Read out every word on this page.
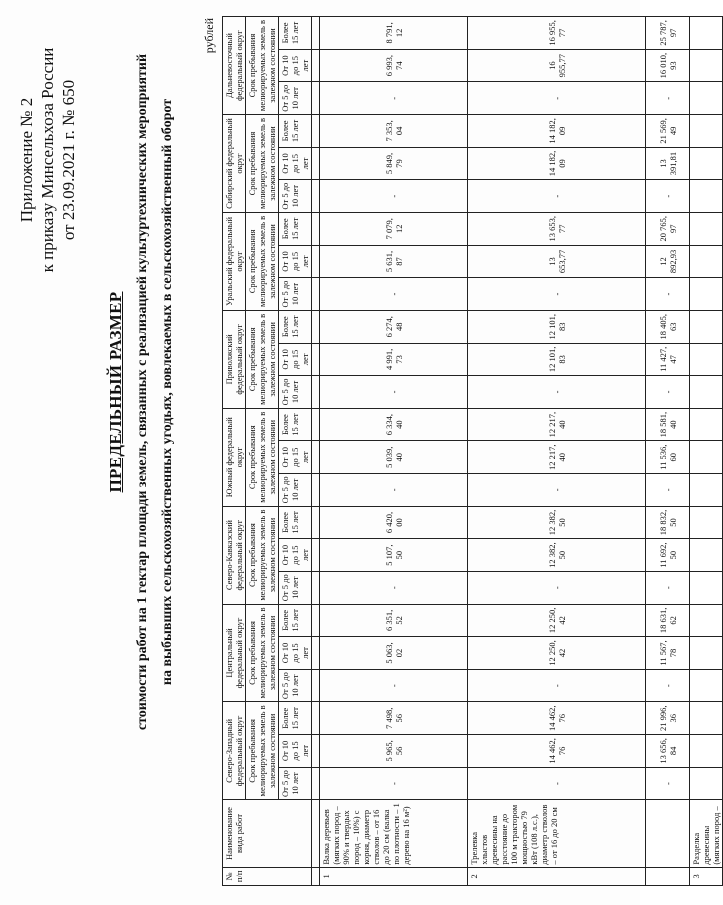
Приложение № 2 к приказу Минсельхоза России от 23.09.2021 г. № 650
ПРЕДЕЛЬНЫЙ РАЗМЕР стоимости работ на 1 гектар площади земель, связанных с реализацией культуртехнических мероприятий на выбывших сельскохозяйственных угодьях, вовлекаемых в сельскохозяйственный оборот
рублей
№ п/п	Наименование вида работ	Северо-Западный федеральный округ			Центральный федеральный округ			Северо-Кавказский федеральный округ			Южный федеральный округ			Приволжский федеральный округ			Уральский федеральный округ			Сибирский федеральный округ			Дальневосточный федеральный округ		
		Срок пребывания мелиорируемых земель в залежном состоянии			Срок пребывания мелиорируемых земель в залежном состоянии			Срок пребывания мелиорируемых земель в залежном состоянии			Срок пребывания мелиорируемых земель в залежном состоянии			Срок пребывания мелиорируемых земель в залежном состоянии			Срок пребывания мелиорируемых земель в залежном состоянии			Срок пребывания мелиорируемых земель в залежном состоянии			Срок пребывания мелиорируемых земель в залежном состоянии		
		От 5 до 10 лет	От 10 до 15 лет	Более 15 лет	От 5 до 10 лет	От 10 до 15 лет	Более 15 лет	От 5 до 10 лет	От 10 до 15 лет	Более 15 лет	От 5 до 10 лет	От 10 до 15 лет	Более 15 лет	От 5 до 10 лет	От 10 до 15 лет	Более 15 лет	От 5 до 10 лет	От 10 до 15 лет	Более 15 лет	От 5 до 10 лет	От 10 до 15 лет	Более 15 лет	От 5 до 10 лет	От 10 до 15 лет	Более 15 лет

1	Валка деревьев (мягких пород – 90% и твердых пород – 10%) с корня, диаметр стволов – от 16 до 20 см (валка по плотности – 1 дерево на 16 м²)	-	5 965, 56	7 498, 56	-	5 063, 02	6 351, 52	-	5 107, 50	6 420, 00	-	5 039, 40	6 334, 40	-	4 991, 73	6 274, 48	-	5 631, 87	7 079, 12	-	5 849, 79	7 353, 04	-	6 993, 74	8 791, 12
2	Трелевка хлыстов древесины на расстояние до 100 м трактором мощностью 79 кВт (108 л.с.), диаметр стволов – от 16 до 20 см	-	14 462, 76	14 462, 76	-	12 250, 42	12 250, 42	-	12 382, 50	12 382, 50	-	12 217, 40	12 217, 40	-	12 101, 83	12 101, 83	-	13 653,77	13 653, 77	-	14 182, 09	14 182, 09	-	16 955,77	16 955, 77
		-	13 656, 84	21 996, 36	-	11 567, 78	18 631, 62	-	11 692, 50	18 832, 50	-	11 536, 60	18 581, 40	-	11 427, 47	18 405, 63	-	12 892,93	20 765, 97	-	13 391,81	21 569, 49	-	16 010, 93	25 787, 97
3	Разделка древесины (мягких пород –																								
